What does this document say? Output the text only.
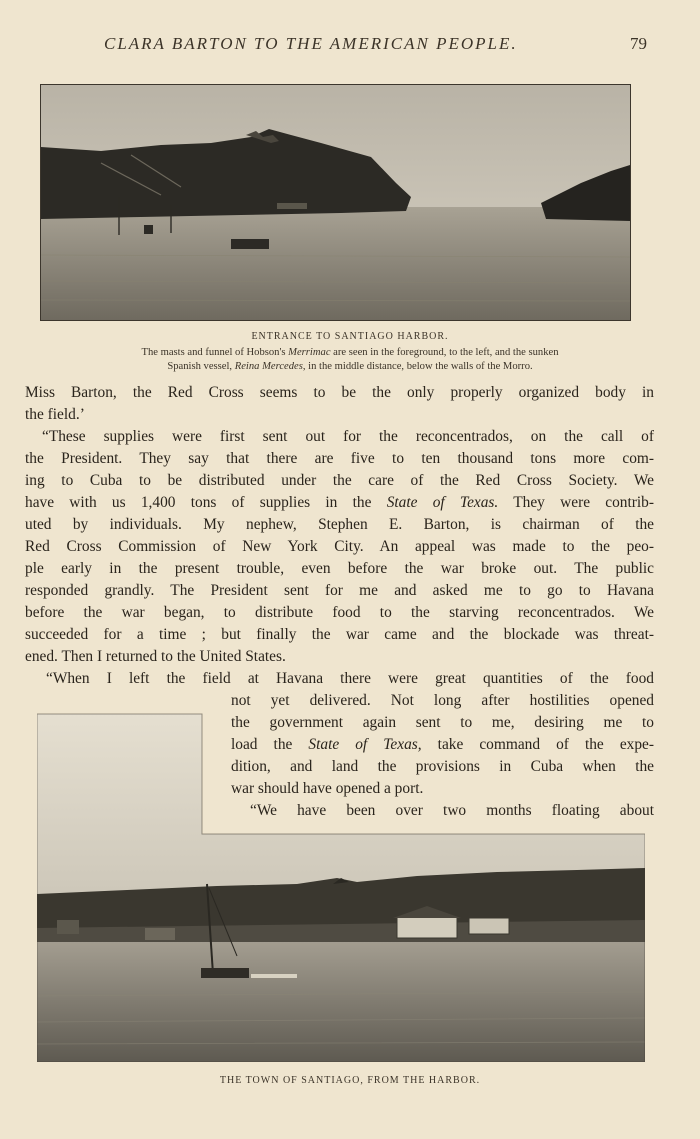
CLARA BARTON TO THE AMERICAN PEOPLE.	79
ENTRANCE TO SANTIAGO HARBOR.
The masts and funnel of Hobson's Merrimac are seen in the foreground, to the left, and the sunken
Spanish vessel, Reina Mercedes, in the middle distance, below the walls of the Morro.
Miss Barton, the Red Cross seems to be the only properly organized body in
the field.’
“These supplies were first sent out for the reconcentrados, on the call of
the President. They say that there are five to ten thousand tons more com-
ing to Cuba to be distributed under the care of the Red Cross Society. We
have with us 1,400 tons of supplies in the State of Texas. They were contrib-
uted by individuals. My nephew, Stephen E. Barton, is chairman of the
Red Cross Commission of New York City. An appeal was made to the peo-
ple early in the present trouble, even before the war broke out. The public
responded grandly. The President sent for me and asked me to go to Havana
before the war began, to distribute food to the starving reconcentrados. We
succeeded for a time ; but finally the war came and the blockade was threat-
ened. Then I returned to the United States.
“When I left the field at Havana there were great quantities of the food
not yet delivered. Not long after hostilities opened
the government again sent to me, desiring me to
load the State of Texas, take command of the expe-
dition, and land the provisions in Cuba when the
war should have opened a port.
“We have been over two months floating about
THE TOWN OF SANTIAGO, FROM THE HARBOR.
